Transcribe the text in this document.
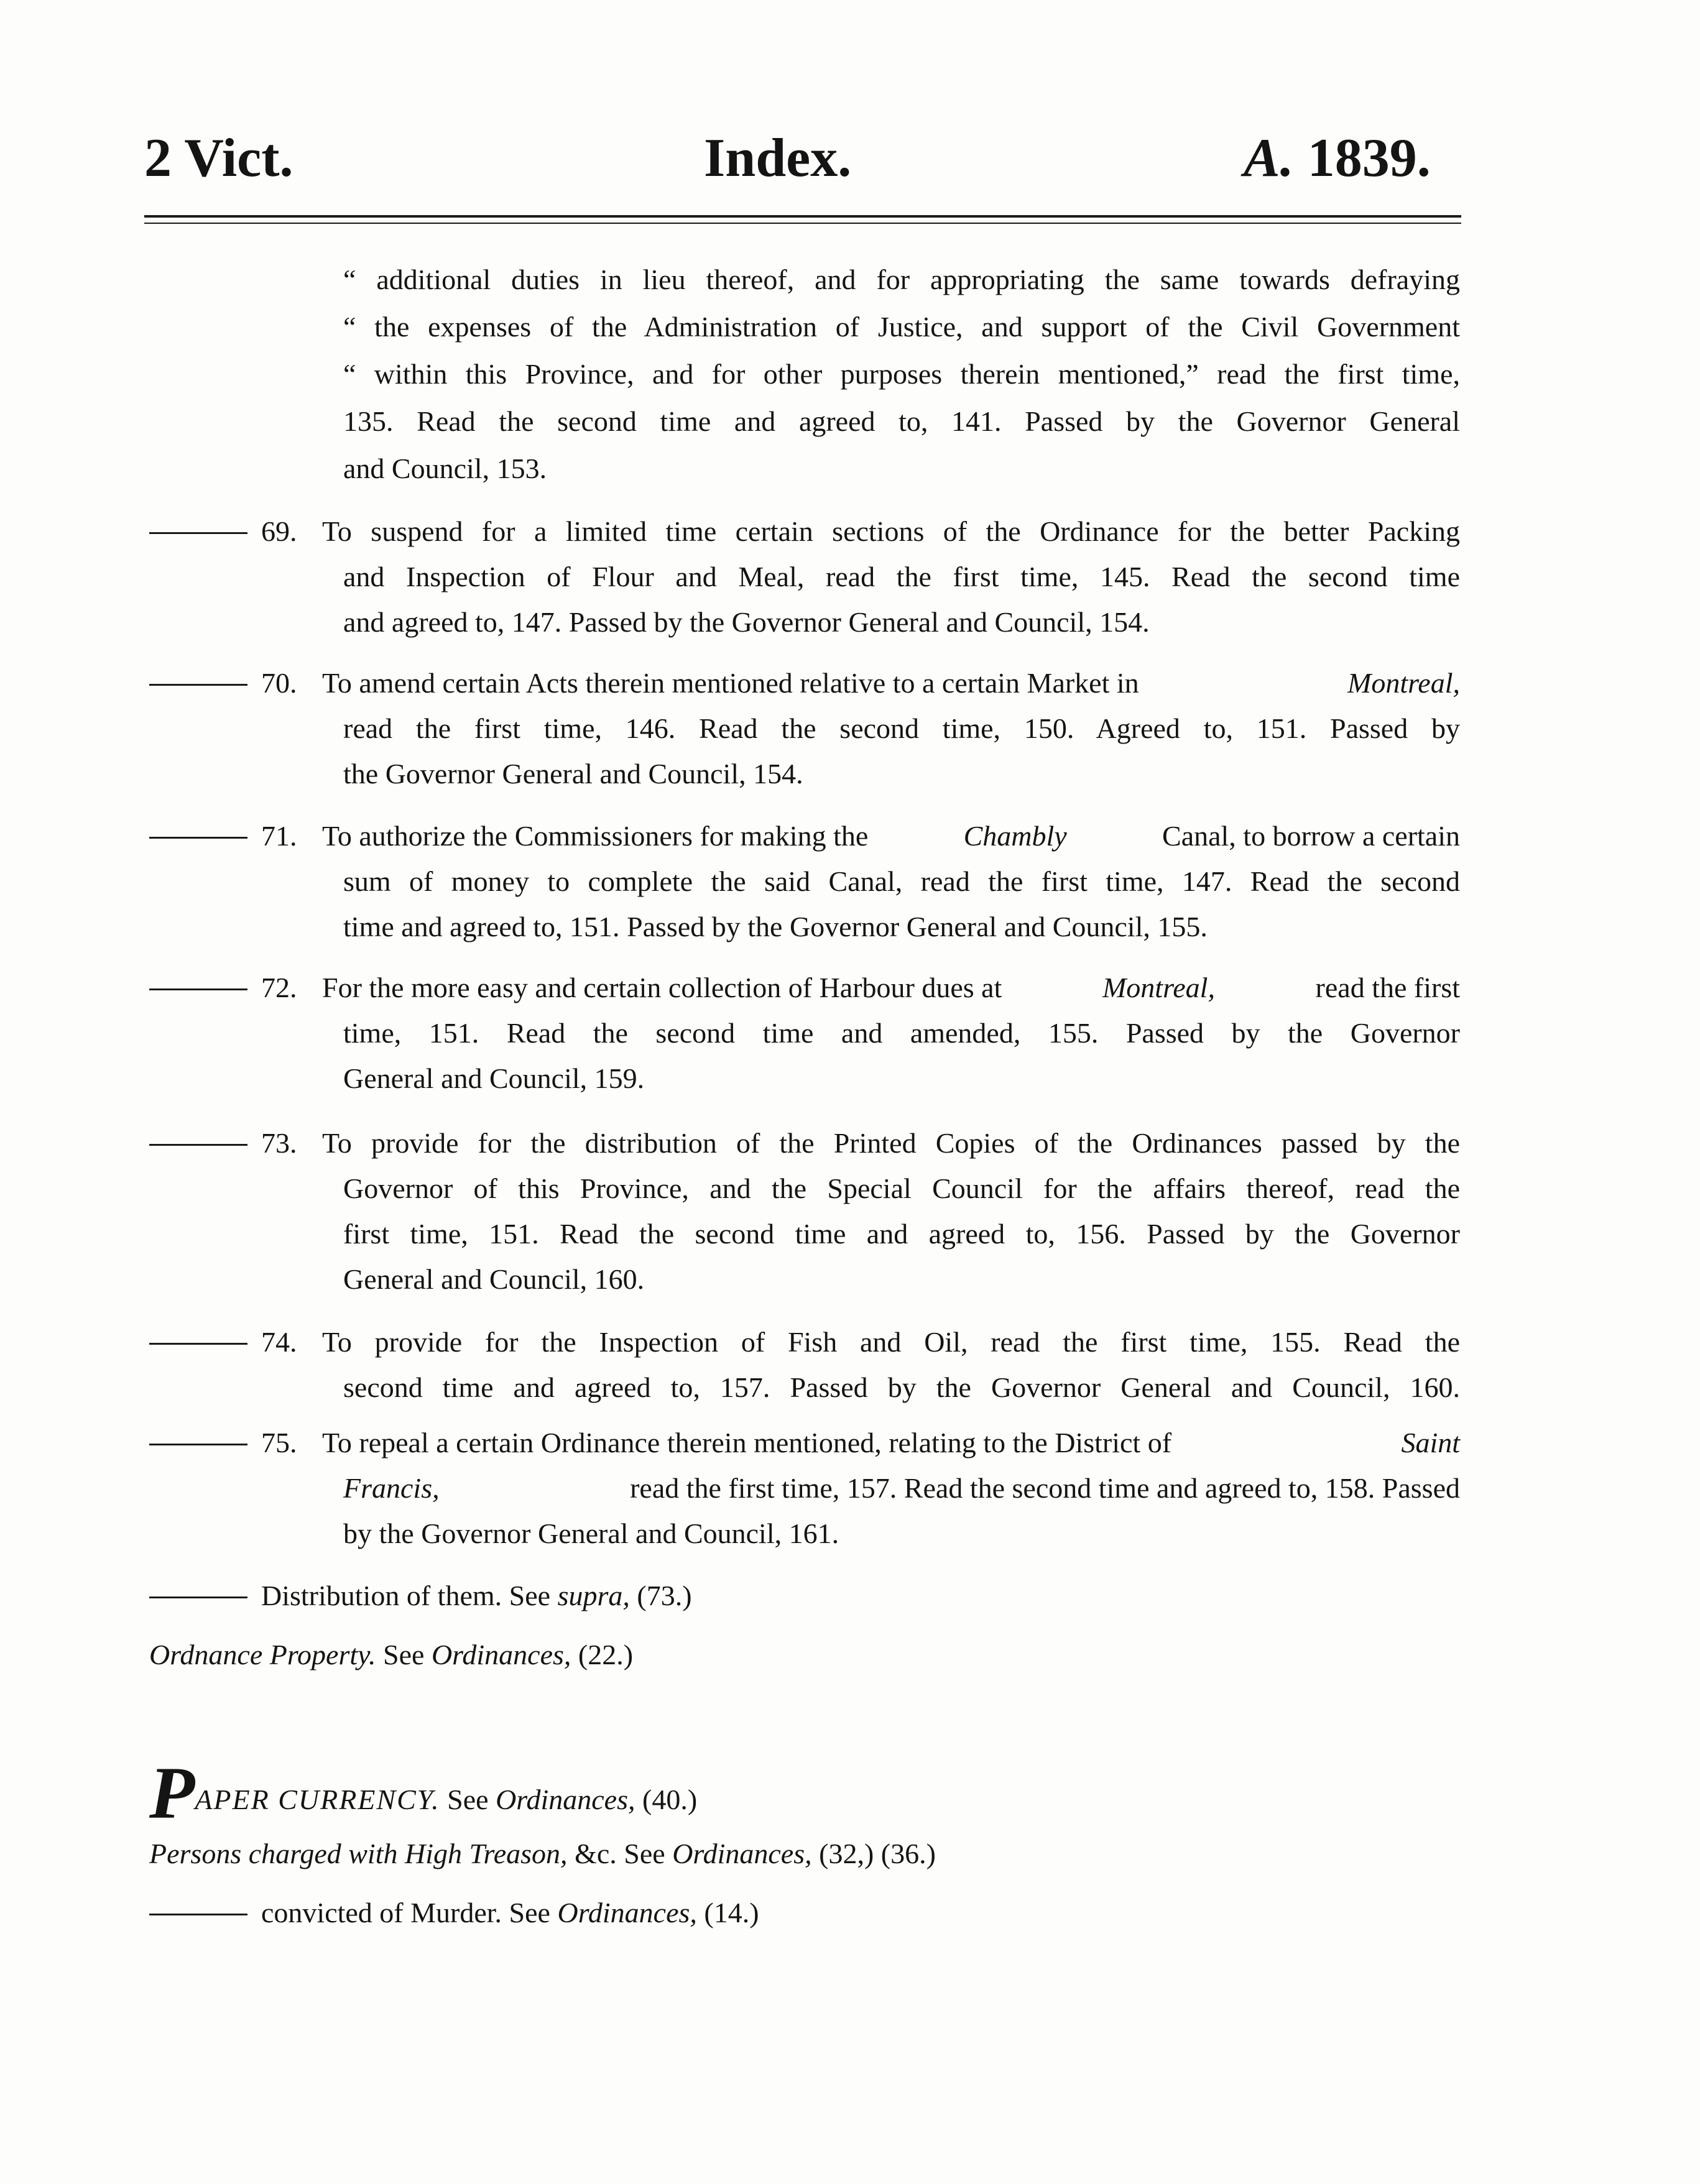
2 Vict.	Index.	A. 1839.
“ additional duties in lieu thereof, and for appropriating the same towards defraying
“ the expenses of the Administration of Justice, and support of the Civil Government
“ within this Province, and for other purposes therein mentioned,” read the first time,
135. Read the second time and agreed to, 141. Passed by the Governor General
and Council, 153.
69. To suspend for a limited time certain sections of the Ordinance for the better Packing
and Inspection of Flour and Meal, read the first time, 145. Read the second time
and agreed to, 147. Passed by the Governor General and Council, 154.
70. To amend certain Acts therein mentioned relative to a certain Market in	Montreal,
read the first time, 146. Read the second time, 150. Agreed to, 151. Passed by
the Governor General and Council, 154.
71. To authorize the Commissioners for making the	Chambly	Canal, to borrow a certain
sum of money to complete the said Canal, read the first time, 147. Read the second
time and agreed to, 151. Passed by the Governor General and Council, 155.
72. For the more easy and certain collection of Harbour dues at	Montreal,	read the first
time, 151. Read the second time and amended, 155. Passed by the Governor
General and Council, 159.
73. To provide for the distribution of the Printed Copies of the Ordinances passed by the
Governor of this Province, and the Special Council for the affairs thereof, read the
first time, 151. Read the second time and agreed to, 156. Passed by the Governor
General and Council, 160.
74. To provide for the Inspection of Fish and Oil, read the first time, 155. Read the
second time and agreed to, 157. Passed by the Governor General and Council, 160.
75. To repeal a certain Ordinance therein mentioned, relating to the District of	Saint
Francis,	read the first time, 157. Read the second time and agreed to, 158. Passed
by the Governor General and Council, 161.
Distribution of them. See supra, (73.)
Ordnance Property. See Ordinances, (22.)
PAPER CURRENCY. See Ordinances, (40.)
Persons charged with High Treason, &c. See Ordinances, (32,) (36.)
convicted of Murder. See Ordinances, (14.)
